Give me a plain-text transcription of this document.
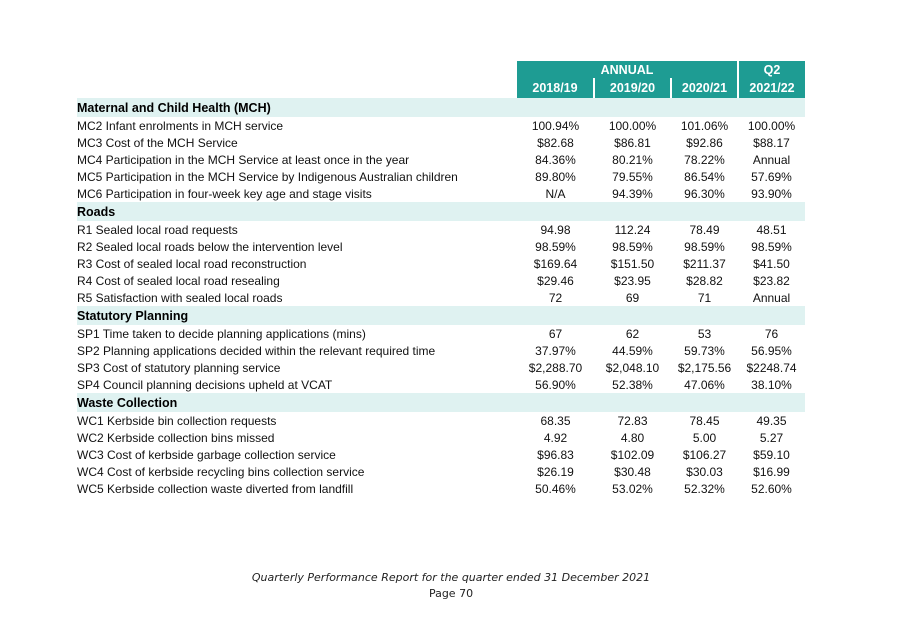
	ANNUAL			Q2
	2018/19	2019/20	2020/21	2021/22
Maternal and Child Health (MCH)				
MC2 Infant enrolments in MCH service	100.94%	100.00%	101.06%	100.00%
MC3 Cost of the MCH Service	$82.68	$86.81	$92.86	$88.17
MC4 Participation in the MCH Service at least once in the year	84.36%	80.21%	78.22%	Annual
MC5 Participation in the MCH Service by Indigenous Australian children	89.80%	79.55%	86.54%	57.69%
MC6 Participation in four-week key age and stage visits	N/A	94.39%	96.30%	93.90%
Roads				
R1 Sealed local road requests	94.98	112.24	78.49	48.51
R2 Sealed local roads below the intervention level	98.59%	98.59%	98.59%	98.59%
R3 Cost of sealed local road reconstruction	$169.64	$151.50	$211.37	$41.50
R4 Cost of sealed local road resealing	$29.46	$23.95	$28.82	$23.82
R5 Satisfaction with sealed local roads	72	69	71	Annual
Statutory Planning				
SP1 Time taken to decide planning applications (mins)	67	62	53	76
SP2 Planning applications decided within the relevant required time	37.97%	44.59%	59.73%	56.95%
SP3 Cost of statutory planning service	$2,288.70	$2,048.10	$2,175.56	$2248.74
SP4 Council planning decisions upheld at VCAT	56.90%	52.38%	47.06%	38.10%
Waste Collection				
WC1 Kerbside bin collection requests	68.35	72.83	78.45	49.35
WC2 Kerbside collection bins missed	4.92	4.80	5.00	5.27
WC3 Cost of kerbside garbage collection service	$96.83	$102.09	$106.27	$59.10
WC4 Cost of kerbside recycling bins collection service	$26.19	$30.48	$30.03	$16.99
WC5 Kerbside collection waste diverted from landfill	50.46%	53.02%	52.32%	52.60%
Quarterly Performance Report for the quarter ended 31 December 2021
Page 70
